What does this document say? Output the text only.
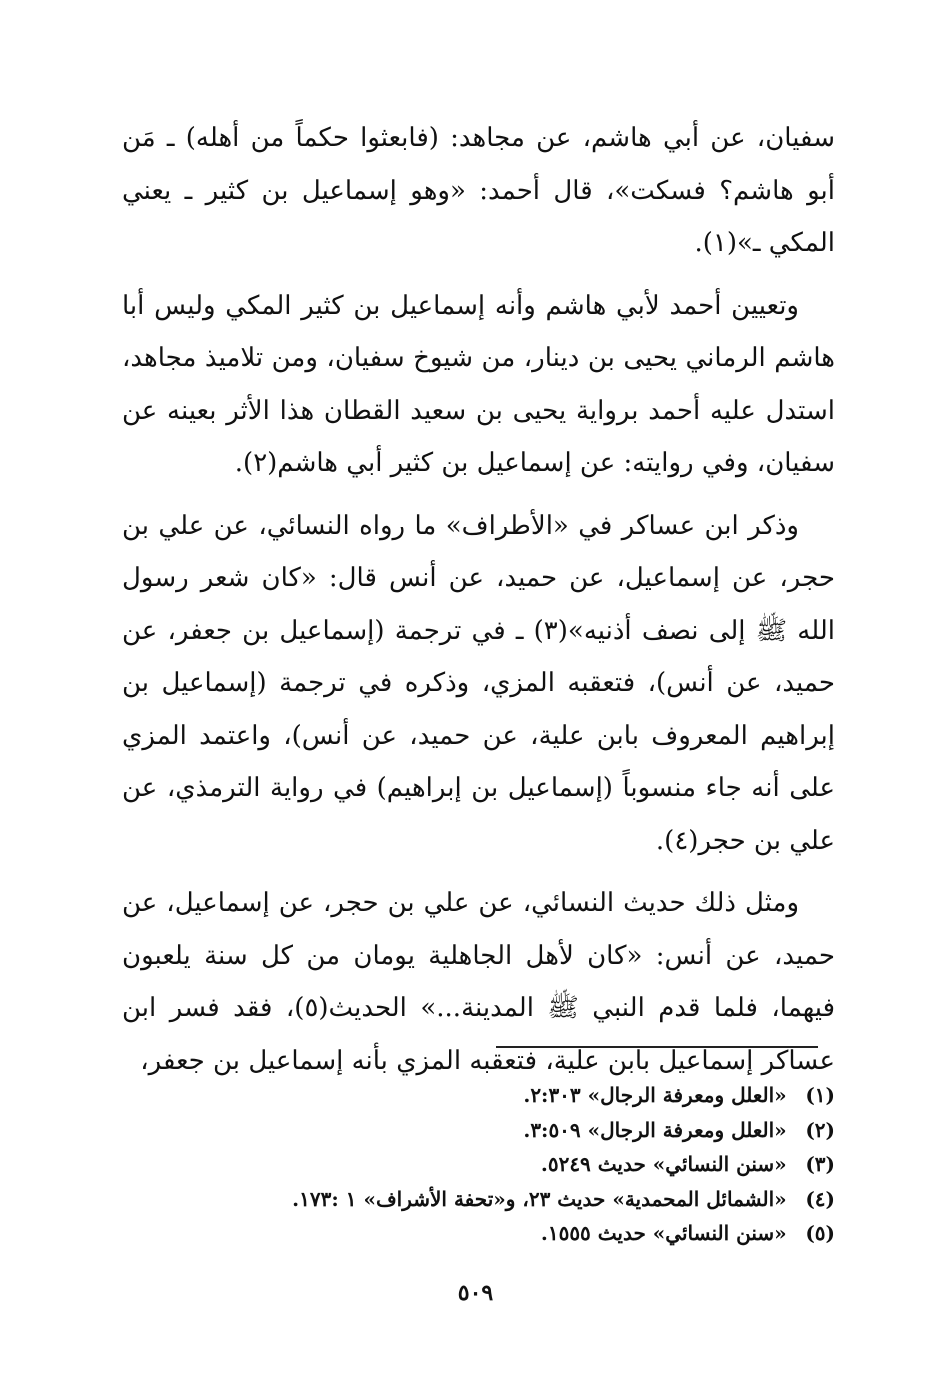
سفيان، عن أبي هاشم، عن مجاهد: (فابعثوا حكماً من أهله) ـ مَن أبو هاشم؟ فسكت»، قال أحمد: «وهو إسماعيل بن كثير ـ يعني المكي ـ»(١).

وتعيين أحمد لأبي هاشم وأنه إسماعيل بن كثير المكي وليس أبا هاشم الرماني يحيى بن دينار، من شيوخ سفيان، ومن تلاميذ مجاهد، استدل عليه أحمد برواية يحيى بن سعيد القطان هذا الأثر بعينه عن سفيان، وفي روايته: عن إسماعيل بن كثير أبي هاشم(٢).

وذكر ابن عساكر في «الأطراف» ما رواه النسائي، عن علي بن حجر، عن إسماعيل، عن حميد، عن أنس قال: «كان شعر رسول الله ﷺ إلى نصف أذنيه»(٣) ـ في ترجمة (إسماعيل بن جعفر، عن حميد، عن أنس)، فتعقبه المزي، وذكره في ترجمة (إسماعيل بن إبراهيم المعروف بابن علية، عن حميد، عن أنس)، واعتمد المزي على أنه جاء منسوباً (إسماعيل بن إبراهيم) في رواية الترمذي، عن علي بن حجر(٤).

ومثل ذلك حديث النسائي، عن علي بن حجر، عن إسماعيل، عن حميد، عن أنس: «كان لأهل الجاهلية يومان من كل سنة يلعبون فيهما، فلما قدم النبي ﷺ المدينة...» الحديث(٥)، فقد فسر ابن عساكر إسماعيل بابن علية، فتعقبه المزي بأنه إسماعيل بن جعفر،

(١) «العلل ومعرفة الرجال» ٢:٣٠٣.
(٢) «العلل ومعرفة الرجال» ٣:٥٠٩.
(٣) «سنن النسائي» حديث ٥٢٤٩.
(٤) «الشمائل المحمدية» حديث ٢٣، و«تحفة الأشراف» ١ :١٧٣.
(٥) «سنن النسائي» حديث ١٥٥٥.
٥٠٩
